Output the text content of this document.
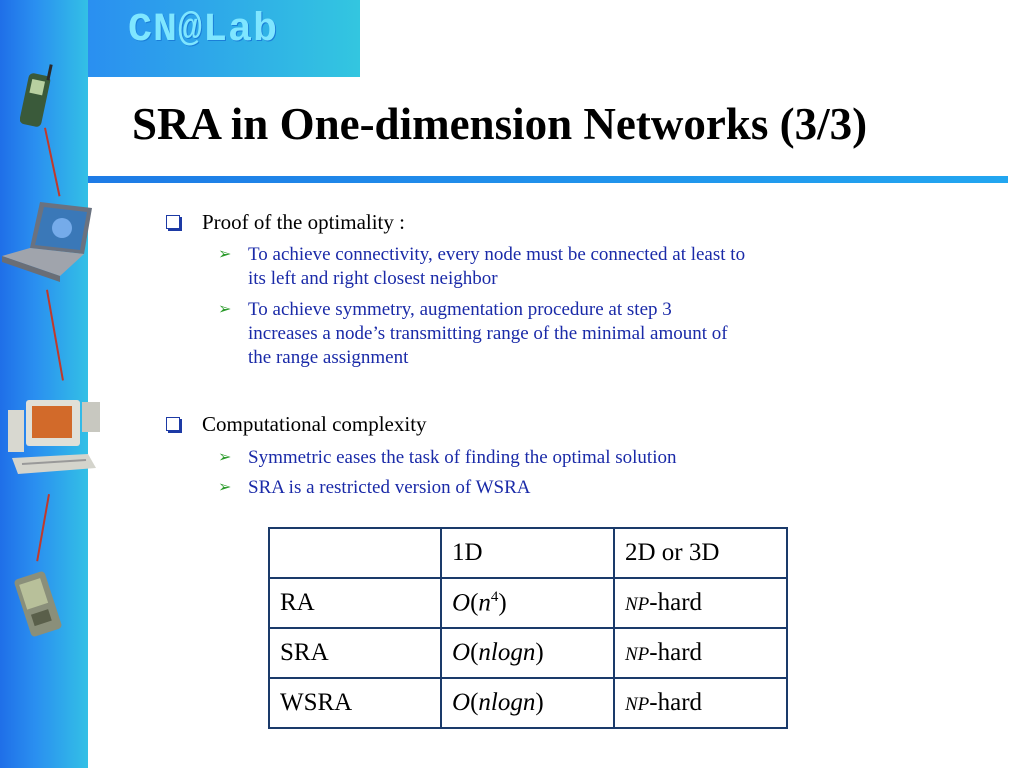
CN@Lab
SRA in One-dimension Networks (3/3)
Proof of the optimality :
➢ To achieve connectivity, every node must be connected at least to
its left and right closest neighbor
➢ To achieve symmetry, augmentation procedure at step 3
increases a node’s transmitting range of the minimal amount of
the range assignment
Computational complexity
➢ Symmetric eases the task of finding the optimal solution
➢ SRA is a restricted version of WSRA
	1D	2D or 3D
RA	$O(n^4)$	NP-hard
SRA	O(nlogn)	NP-hard
WSRA	O(nlogn)	NP-hard
